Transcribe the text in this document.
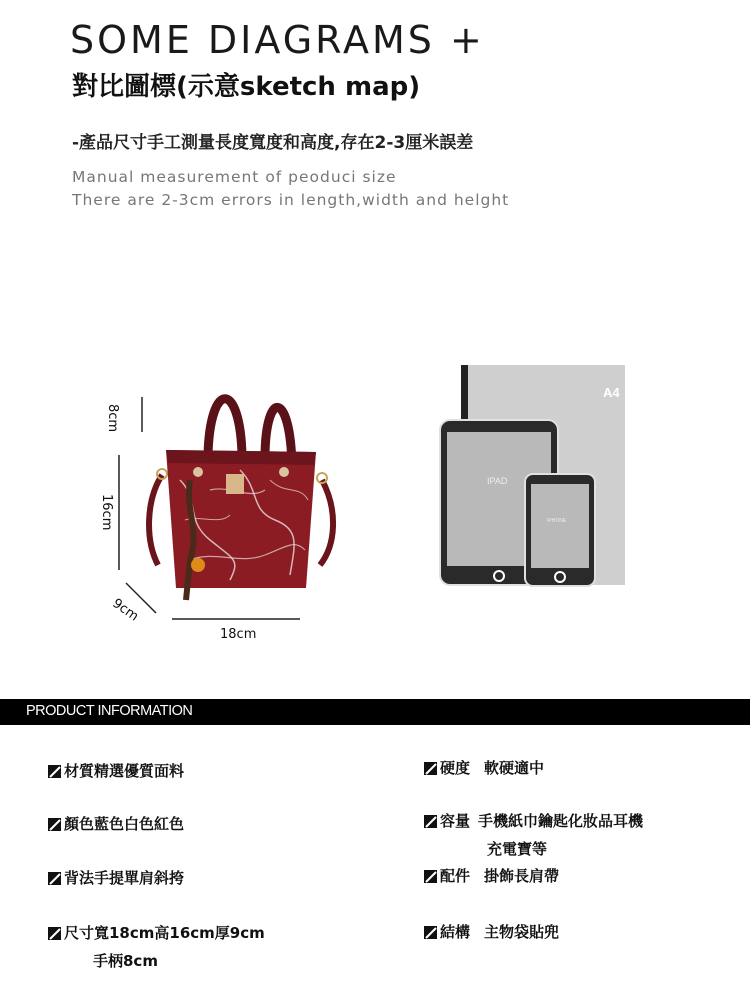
SOME DIAGRAMS +
對比圖標(示意sketch map)
-產品尺寸手工測量長度寬度和高度,存在2-3厘米誤差
Manual measurement of peoduci size
There are 2-3cm errors in length,width and helght
8cm
16cm
9cm
18cm
A4
IPAD
IPHONE
PRODUCT INFORMATION
材質精選優質面料
顏色藍色白色紅色
背法手提單肩斜挎
尺寸寬18cm高16cm厚9cm
手柄8cm
硬度 軟硬適中
容量 手機紙巾鑰匙化妝品耳機
充電寶等
配件 掛飾長肩帶
結構 主物袋貼兜
